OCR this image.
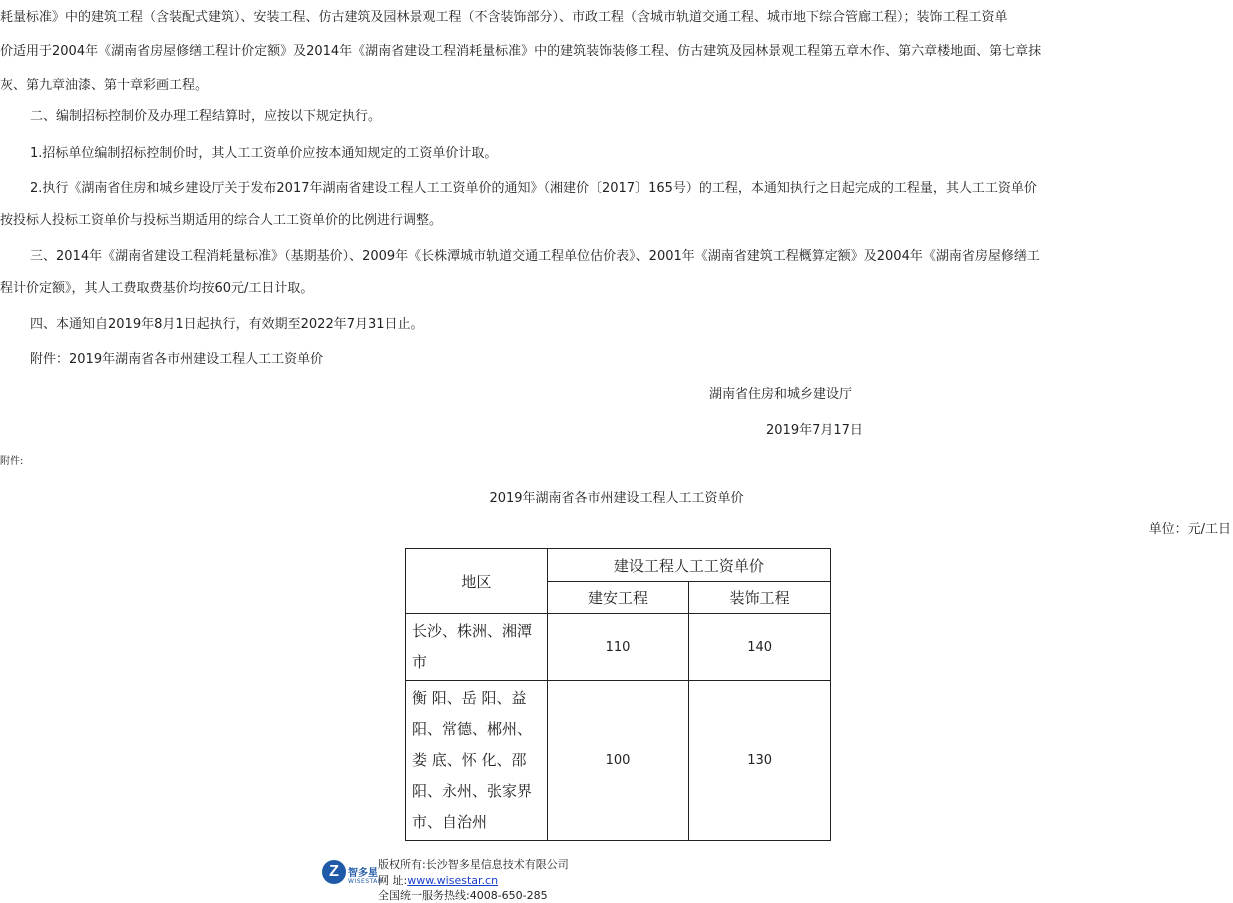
耗量标准》中的建筑工程（含装配式建筑）、安装工程、仿古建筑及园林景观工程（不含装饰部分）、市政工程（含城市轨道交通工程、城市地下综合管廊工程）；装饰工程工资单
价适用于2004年《湖南省房屋修缮工程计价定额》及2014年《湖南省建设工程消耗量标准》中的建筑装饰装修工程、仿古建筑及园林景观工程第五章木作、第六章楼地面、第七章抹
灰、第九章油漆、第十章彩画工程。
二、编制招标控制价及办理工程结算时，应按以下规定执行。
1.招标单位编制招标控制价时，其人工工资单价应按本通知规定的工资单价计取。
2.执行《湖南省住房和城乡建设厅关于发布2017年湖南省建设工程人工工资单价的通知》（湘建价〔2017〕165号）的工程，本通知执行之日起完成的工程量，其人工工资单价
按投标人投标工资单价与投标当期适用的综合人工工资单价的比例进行调整。
三、2014年《湖南省建设工程消耗量标准》（基期基价）、2009年《长株潭城市轨道交通工程单位估价表》、2001年《湖南省建筑工程概算定额》及2004年《湖南省房屋修缮工
程计价定额》，其人工费取费基价均按60元/工日计取。
四、本通知自2019年8月1日起执行，有效期至2022年7月31日止。
附件：2019年湖南省各市州建设工程人工工资单价
湖南省住房和城乡建设厅
2019年7月17日
附件:
2019年湖南省各市州建设工程人工工资单价
单位：元/工日
地区	建设工程人工工资单价	
	建安工程	装饰工程
长沙、株洲、湘潭
市	110	140
衡 阳、岳 阳、益
阳、常德、郴州、
娄 底、怀 化、邵
阳、永州、张家界
市、自治州	100	130
Z 智多星
WISESTAR
版权所有:长沙智多星信息技术有限公司
网 址:www.wisestar.cn
全国统一服务热线:4008-650-285
